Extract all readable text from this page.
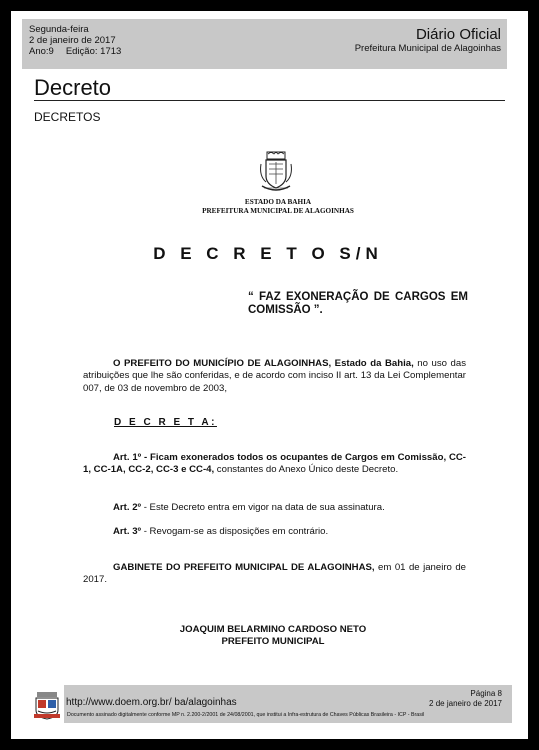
Segunda-feira
2 de janeiro de 2017
Ano:9 Edição: 1713
Diário Oficial
Prefeitura Municipal de Alagoinhas
Decreto
DECRETOS
ESTADO DA BAHIA
PREFEITURA MUNICIPAL DE ALAGOINHAS
D E C R E T O S/N
“ FAZ EXONERAÇÃO DE CARGOS EM COMISSÃO ”.
O PREFEITO DO MUNICÍPIO DE ALAGOINHAS, Estado da Bahia, no uso das atribuições que lhe são conferidas, e de acordo com inciso II art. 13 da Lei Complementar 007, de 03 de novembro de 2003,
D E C R E T A:
Art. 1º - Ficam exonerados todos os ocupantes de Cargos em Comissão, CC-1, CC-1A, CC-2, CC-3 e CC-4, constantes do Anexo Único deste Decreto.
Art. 2º - Este Decreto entra em vigor na data de sua assinatura.
Art. 3º - Revogam-se as disposições em contrário.
GABINETE DO PREFEITO MUNICIPAL DE ALAGOINHAS, em 01 de janeiro de 2017.
JOAQUIM BELARMINO CARDOSO NETO
PREFEITO MUNICIPAL
http://www.doem.org.br/ ba/alagoinhas
Página 8
2 de janeiro de 2017
Documento assinado digitalmente conforme MP n. 2.200-2/2001 de 24/08/2001, que institui a Infra-estrutura de Chaves Públicas Brasileira - ICP - Brasil
